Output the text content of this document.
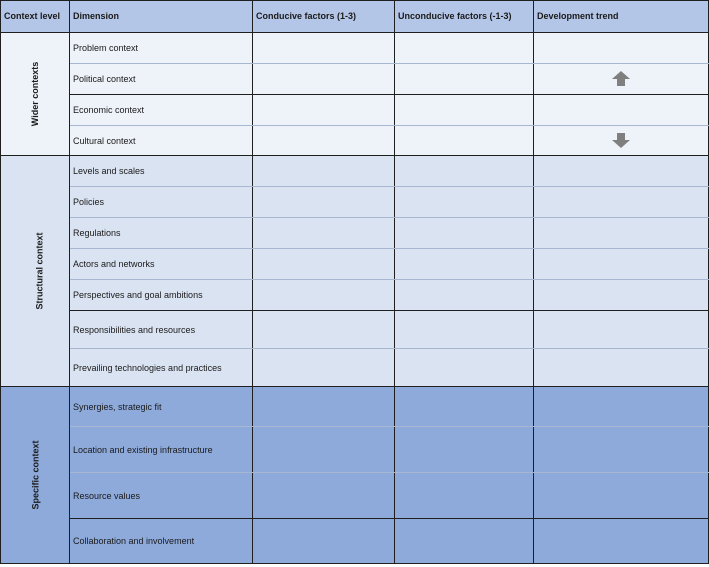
Context level	Dimension	Conducive factors (1-3)	Unconducive factors (-1-3)	Development trend
Wider contexts	Problem context			
	Political context			

	Economic context			
	Cultural context			

Structural context	Levels and scales			
	Policies			
	Regulations			
	Actors and networks			
	Perspectives and goal ambitions			
	Responsibilities and resources			
	Prevailing technologies and practices			
Specific context	Synergies, strategic fit			
	Location and existing infrastructure			
	Resource values			
	Collaboration and involvement			
